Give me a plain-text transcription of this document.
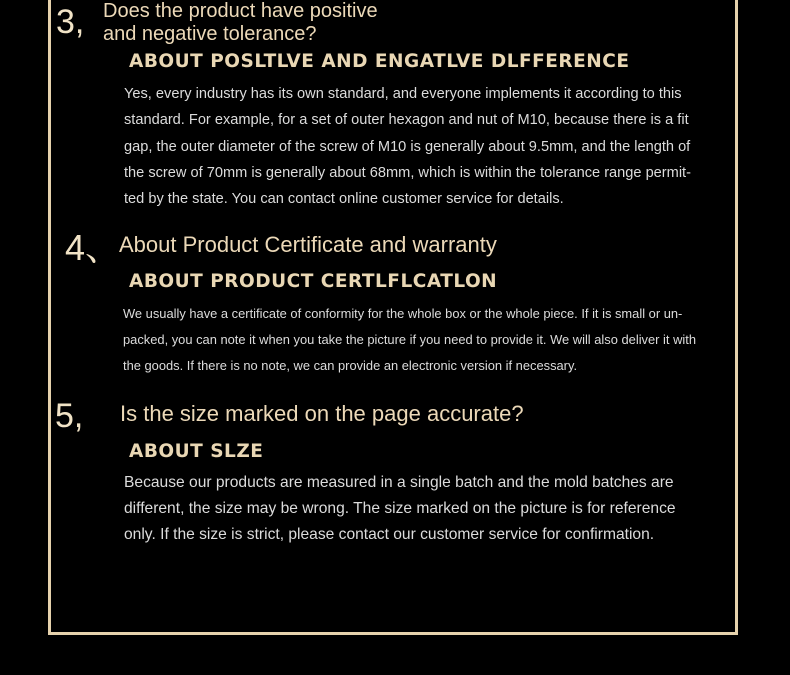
3, Does the product have positive
and negative tolerance?
ABOUT POSLTLVE AND ENGATLVE DLFFERENCE
Yes, every industry has its own standard, and everyone implements it according to this
standard. For example, for a set of outer hexagon and nut of M10, because there is a fit
gap, the outer diameter of the screw of M10 is generally about 9.5mm, and the length of
the screw of 70mm is generally about 68mm, which is within the tolerance range permit-
ted by the state. You can contact online customer service for details.
4、
About Product Certificate and warranty
ABOUT PRODUCT CERTLFLCATLON
We usually have a certificate of conformity for the whole box or the whole piece. If it is small or un-
packed, you can note it when you take the picture if you need to provide it. We will also deliver it with
the goods. If there is no note, we can provide an electronic version if necessary.
5, Is the size marked on the page accurate?
ABOUT SLZE
Because our products are measured in a single batch and the mold batches are
different, the size may be wrong. The size marked on the picture is for reference
only. If the size is strict, please contact our customer service for confirmation.
